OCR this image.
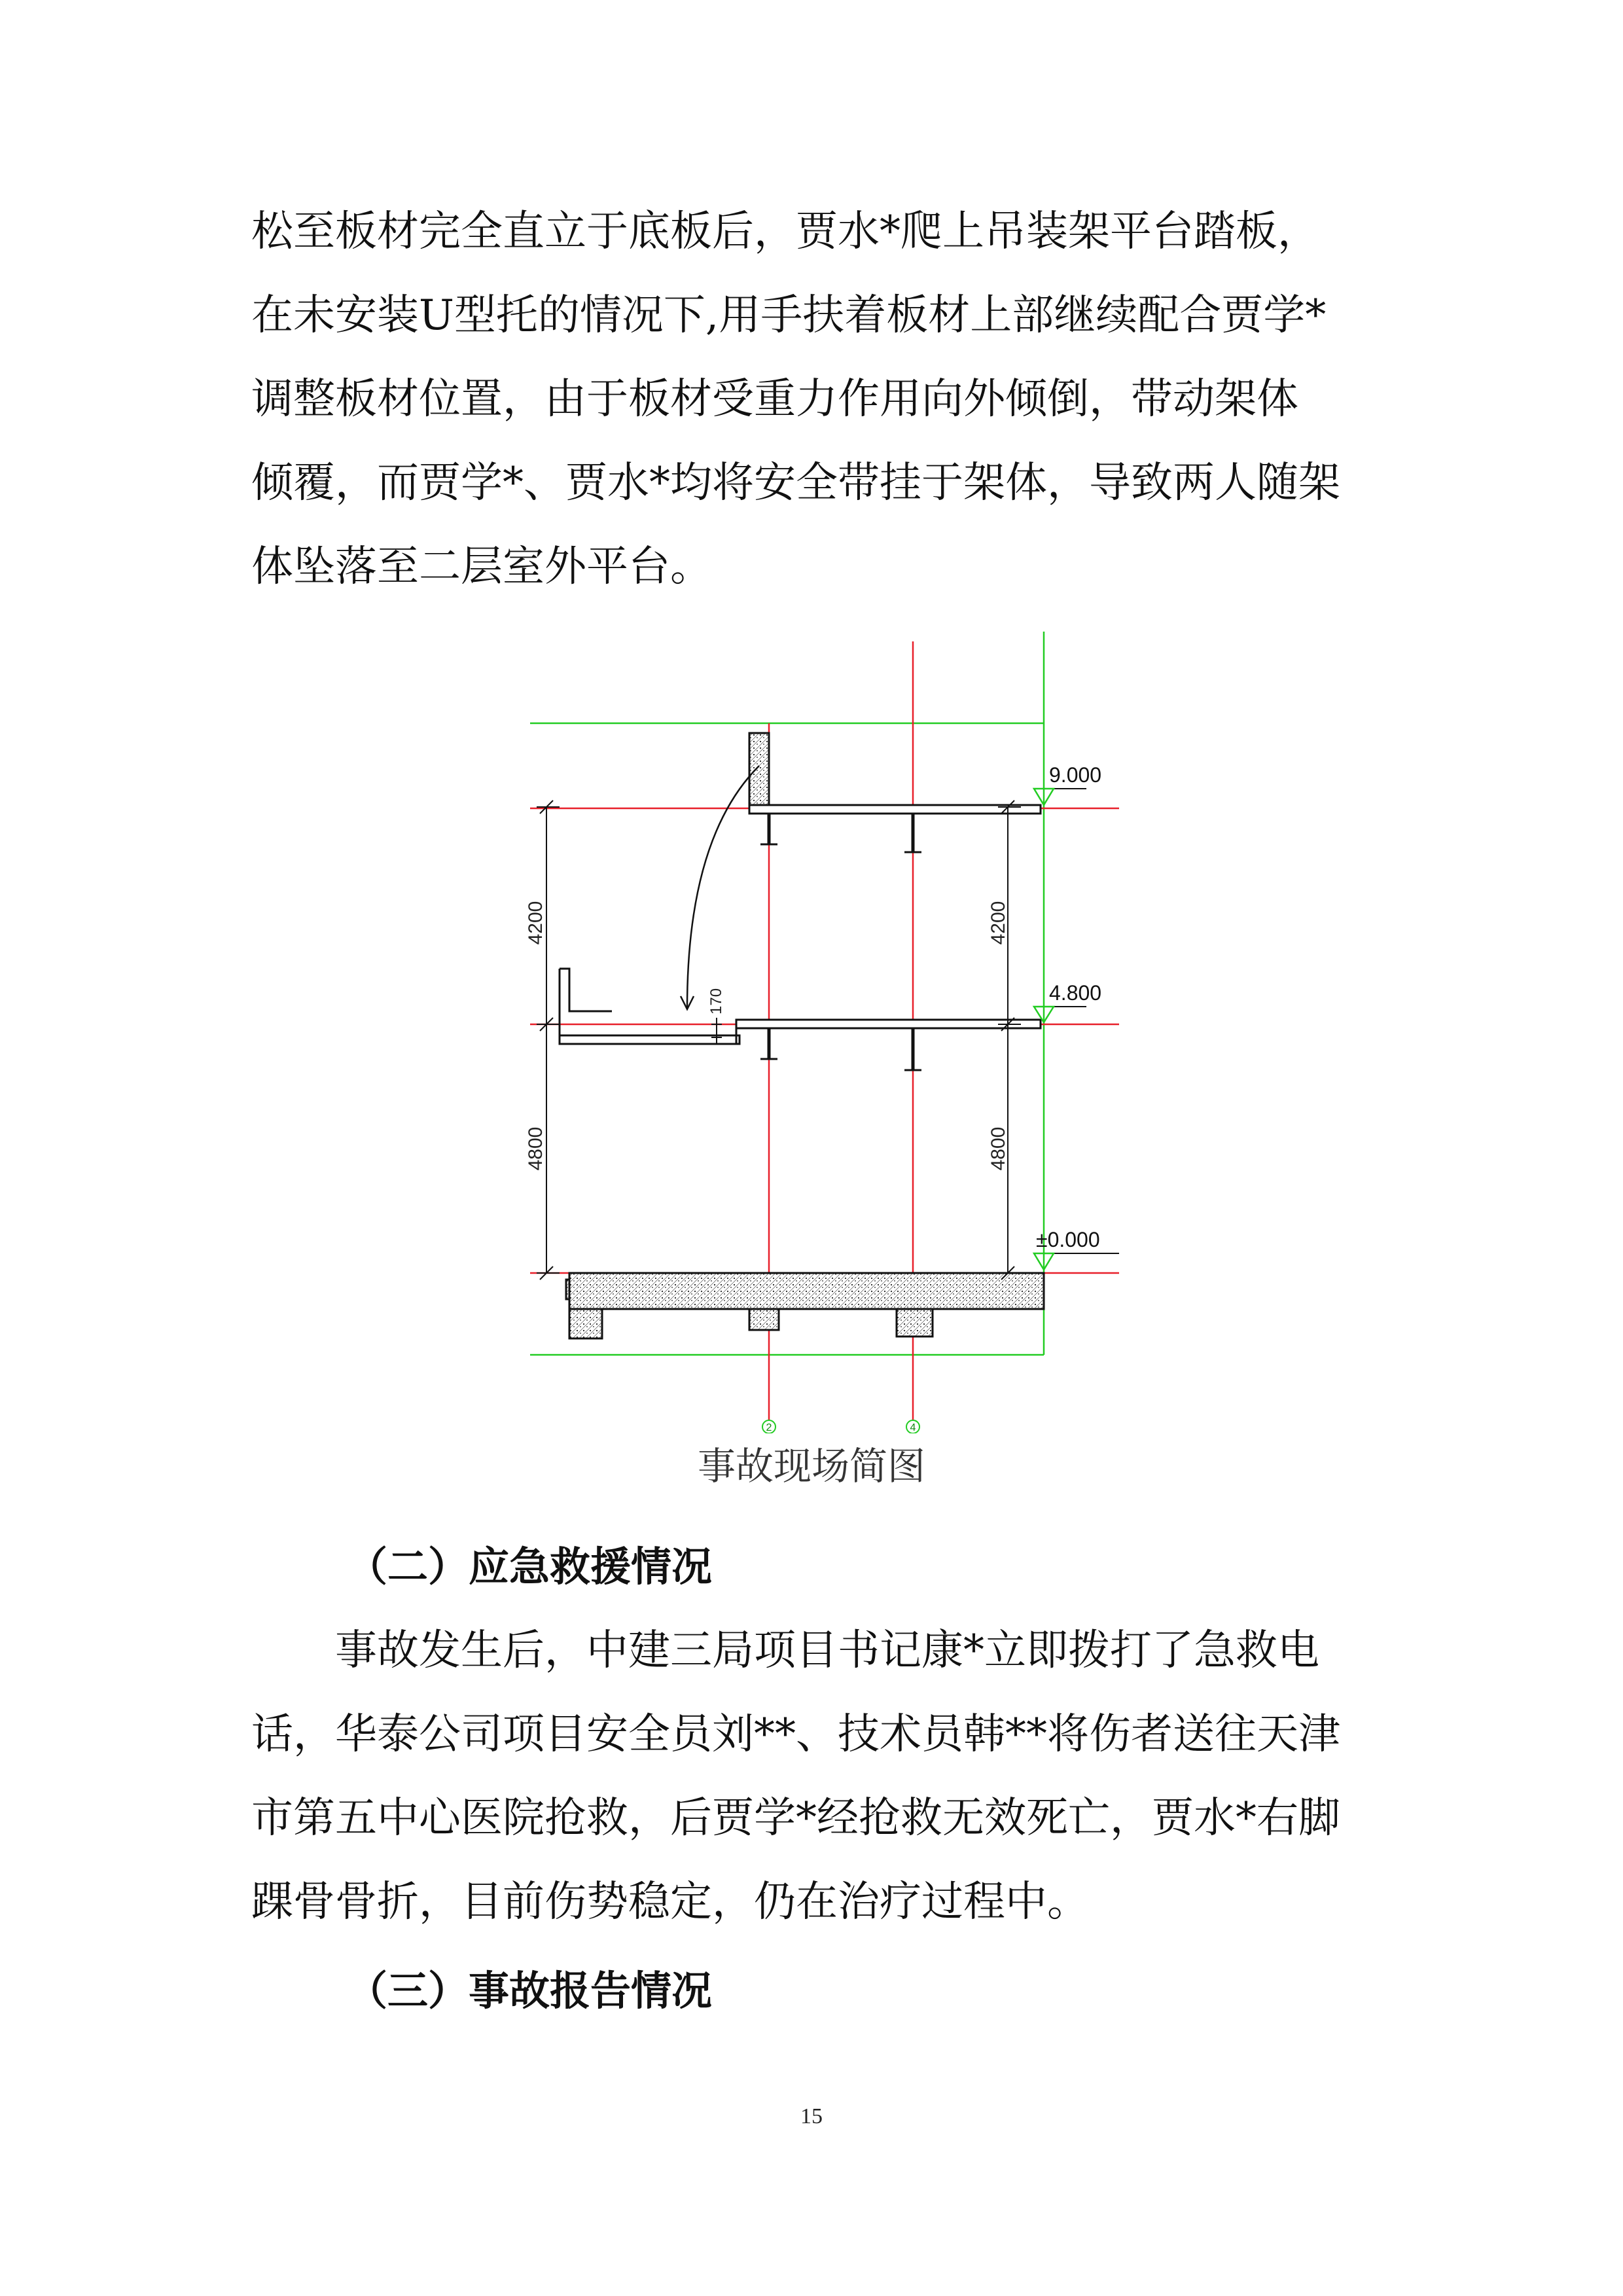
松至板材完全直立于底板后，贾水*爬上吊装架平台踏板，
在未安装U型托的情况下,用手扶着板材上部继续配合贾学*
调整板材位置，由于板材受重力作用向外倾倒，带动架体
倾覆，而贾学*、贾水*均将安全带挂于架体，导致两人随架
体坠落至二层室外平台。
4200
4800
4200
4800
170
9.000
4.800
±0.000
2	4
事故现场简图
（二）应急救援情况
事故发生后，中建三局项目书记康*立即拨打了急救电
话，华泰公司项目安全员刘**、技术员韩**将伤者送往天津
市第五中心医院抢救，后贾学*经抢救无效死亡，贾水*右脚
踝骨骨折，目前伤势稳定，仍在治疗过程中。
（三）事故报告情况
15
